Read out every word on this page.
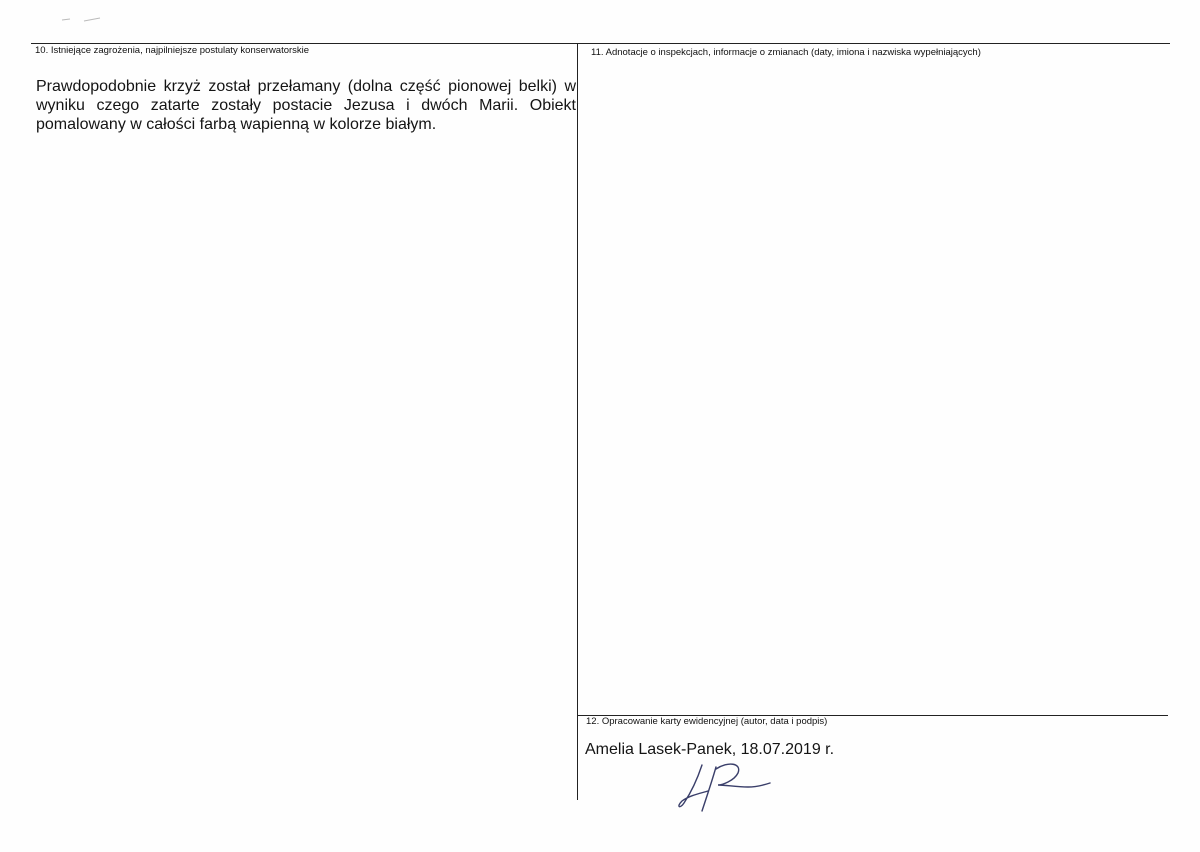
10. Istniejące zagrożenia, najpilniejsze postulaty konserwatorskie
Prawdopodobnie krzyż został przełamany (dolna część pionowej belki) w wyniku czego zatarte zostały postacie Jezusa i dwóch Marii. Obiekt pomalowany w całości farbą wapienną w kolorze białym.
11. Adnotacje o inspekcjach, informacje o zmianach (daty, imiona i nazwiska wypełniających)
12. Opracowanie karty ewidencyjnej (autor, data i podpis)
Amelia Lasek-Panek, 18.07.2019 r.
